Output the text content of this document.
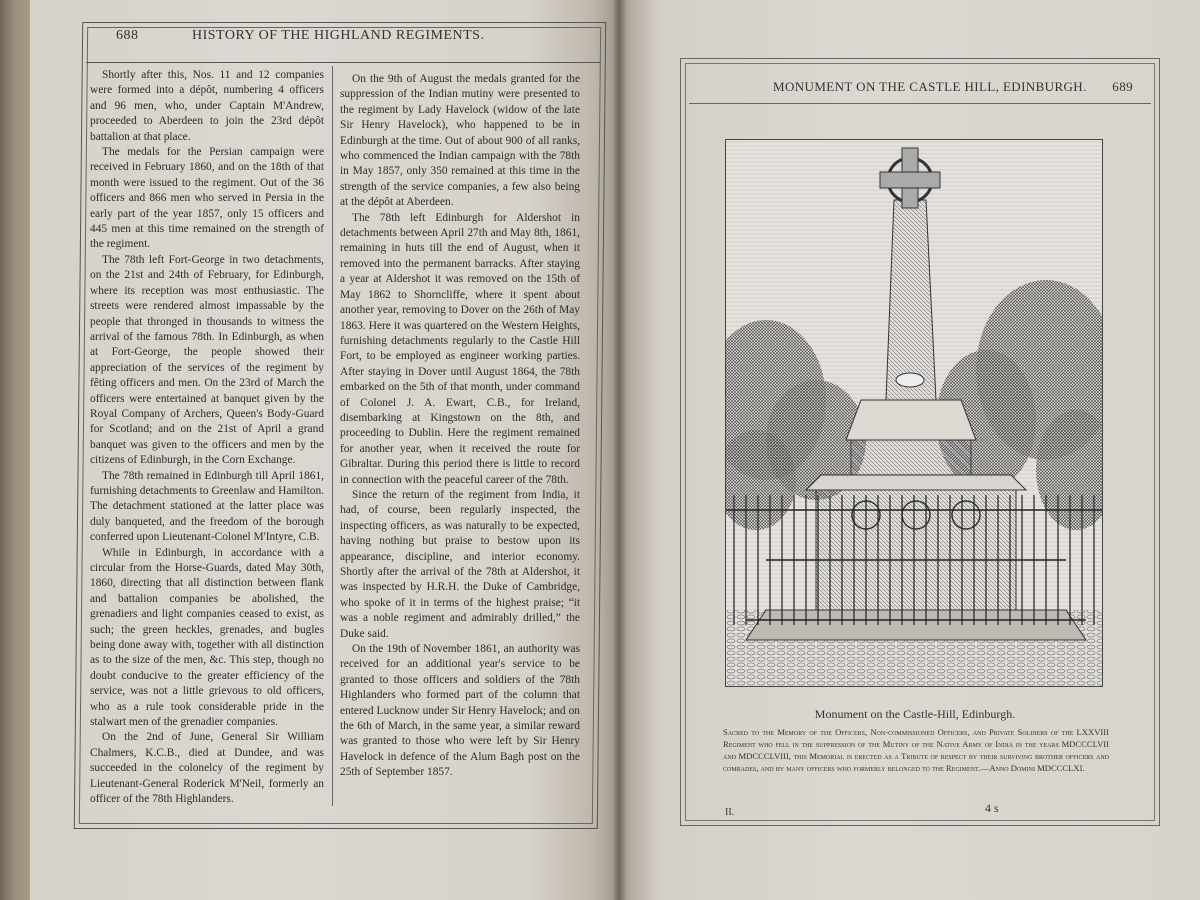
688	HISTORY OF THE HIGHLAND REGIMENTS.

Shortly after this, Nos. 11 and 12 companies were formed into a dépôt, numbering 4 officers and 96 men, who, under Captain M'Andrew, proceeded to Aberdeen to join the 23rd dépôt battalion at that place.

The medals for the Persian campaign were received in February 1860, and on the 18th of that month were issued to the regiment. Out of the 36 officers and 866 men who served in Persia in the early part of the year 1857, only 15 officers and 445 men at this time remained on the strength of the regiment.

The 78th left Fort-George in two detachments, on the 21st and 24th of February, for Edinburgh, where its reception was most enthusiastic. The streets were rendered almost impassable by the people that thronged in thousands to witness the arrival of the famous 78th. In Edinburgh, as when at Fort-George, the people showed their appreciation of the services of the regiment by fêting officers and men. On the 23rd of March the officers were entertained at banquet given by the Royal Company of Archers, Queen's Body-Guard for Scotland; and on the 21st of April a grand banquet was given to the officers and men by the citizens of Edinburgh, in the Corn Exchange.

The 78th remained in Edinburgh till April 1861, furnishing detachments to Greenlaw and Hamilton. The detachment stationed at the latter place was duly banqueted, and the freedom of the borough conferred upon Lieutenant-Colonel M'Intyre, C.B.

While in Edinburgh, in accordance with a circular from the Horse-Guards, dated May 30th, 1860, directing that all distinction between flank and battalion companies be abolished, the grenadiers and light companies ceased to exist, as such; the green heckles, grenades, and bugles being done away with, together with all distinction as to the size of the men, &c. This step, though no doubt conducive to the greater efficiency of the service, was not a little grievous to old officers, who as a rule took considerable pride in the stalwart men of the grenadier companies.

On the 2nd of June, General Sir William Chalmers, K.C.B., died at Dundee, and was succeeded in the colonelcy of the regiment by Lieutenant-General Roderick M'Neil, formerly an officer of the 78th Highlanders.

On the 9th of August the medals granted for the suppression of the Indian mutiny were presented to the regiment by Lady Havelock (widow of the late Sir Henry Havelock), who happened to be in Edinburgh at the time. Out of about 900 of all ranks, who commenced the Indian campaign with the 78th in May 1857, only 350 remained at this time in the strength of the service companies, a few also being at the dépôt at Aberdeen.

The 78th left Edinburgh for Aldershot in detachments between April 27th and May 8th, 1861, remaining in huts till the end of August, when it removed into the permanent barracks. After staying a year at Aldershot it was removed on the 15th of May 1862 to Shorncliffe, where it spent about another year, removing to Dover on the 26th of May 1863. Here it was quartered on the Western Heights, furnishing detachments regularly to the Castle Hill Fort, to be employed as engineer working parties. After staying in Dover until August 1864, the 78th embarked on the 5th of that month, under command of Colonel J. A. Ewart, C.B., for Ireland, disembarking at Kingstown on the 8th, and proceeding to Dublin. Here the regiment remained for another year, when it received the route for Gibraltar. During this period there is little to record in connection with the peaceful career of the 78th.

Since the return of the regiment from India, it had, of course, been regularly inspected, the inspecting officers, as was naturally to be expected, having nothing but praise to bestow upon its appearance, discipline, and interior economy. Shortly after the arrival of the 78th at Aldershot, it was inspected by H.R.H. the Duke of Cambridge, who spoke of it in terms of the highest praise; “it was a noble regiment and admirably drilled,” the Duke said.

On the 19th of November 1861, an authority was received for an additional year's service to be granted to those officers and soldiers of the 78th Highlanders who formed part of the column that entered Lucknow under Sir Henry Havelock; and on the 6th of March, in the same year, a similar reward was granted to those who were left by Sir Henry Havelock in defence of the Alum Bagh post on the 25th of September 1857.

MONUMENT ON THE CASTLE HILL, EDINBURGH. 689
Monument on the Castle-Hill, Edinburgh.
Sacred to the Memory of the Officers, Non-commissioned Officers, and Private Soldiers of the LXXVIII Regiment who fell in the suppression of the Mutiny of the Native Army of India in the years MDCCCLVII and MDCCCLVIII, this Memorial is erected as a Tribute of respect by their surviving brother officers and comrades, and by many officers who formerly belonged to the Regiment.—Anno Domini MDCCCLXI.
II.	4 s
